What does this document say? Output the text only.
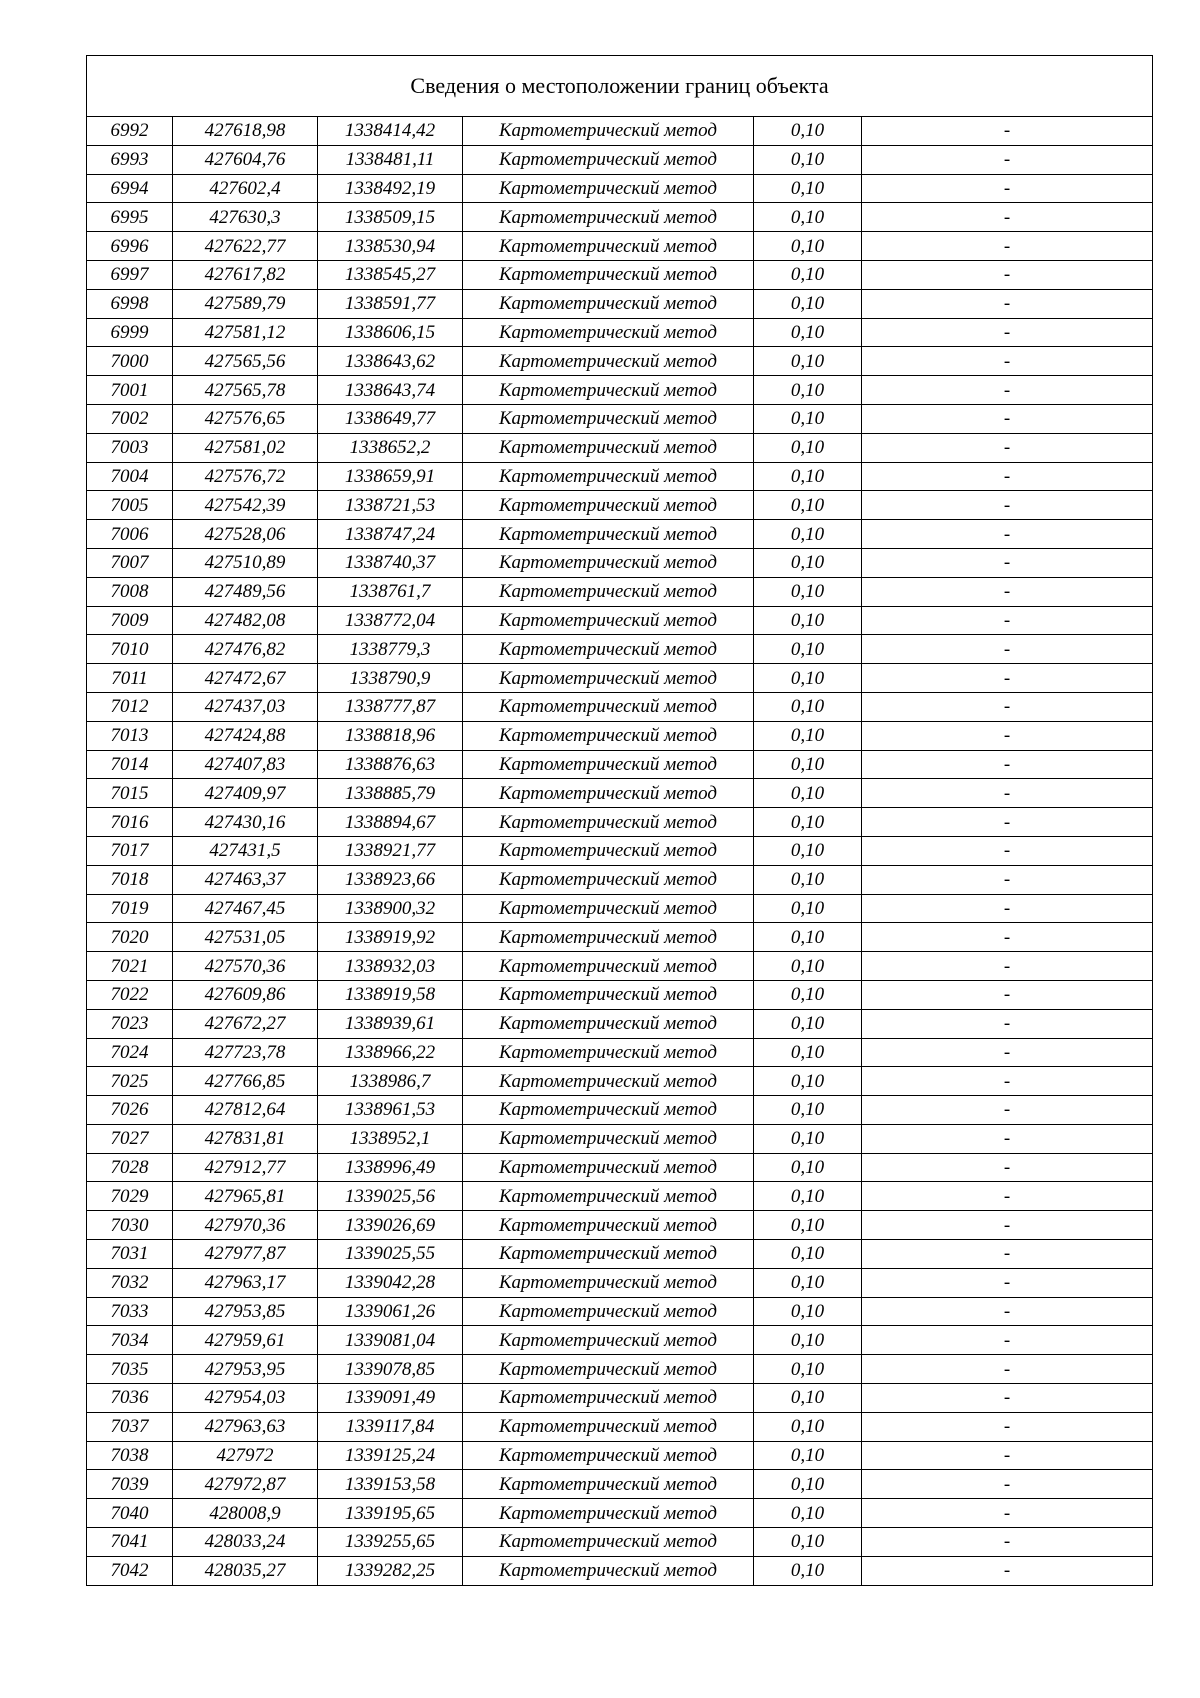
Сведения о местоположении границ объекта					
6992	427618,98	1338414,42	Картометрический метод	0,10	-
6993	427604,76	1338481,11	Картометрический метод	0,10	-
6994	427602,4	1338492,19	Картометрический метод	0,10	-
6995	427630,3	1338509,15	Картометрический метод	0,10	-
6996	427622,77	1338530,94	Картометрический метод	0,10	-
6997	427617,82	1338545,27	Картометрический метод	0,10	-
6998	427589,79	1338591,77	Картометрический метод	0,10	-
6999	427581,12	1338606,15	Картометрический метод	0,10	-
7000	427565,56	1338643,62	Картометрический метод	0,10	-
7001	427565,78	1338643,74	Картометрический метод	0,10	-
7002	427576,65	1338649,77	Картометрический метод	0,10	-
7003	427581,02	1338652,2	Картометрический метод	0,10	-
7004	427576,72	1338659,91	Картометрический метод	0,10	-
7005	427542,39	1338721,53	Картометрический метод	0,10	-
7006	427528,06	1338747,24	Картометрический метод	0,10	-
7007	427510,89	1338740,37	Картометрический метод	0,10	-
7008	427489,56	1338761,7	Картометрический метод	0,10	-
7009	427482,08	1338772,04	Картометрический метод	0,10	-
7010	427476,82	1338779,3	Картометрический метод	0,10	-
7011	427472,67	1338790,9	Картометрический метод	0,10	-
7012	427437,03	1338777,87	Картометрический метод	0,10	-
7013	427424,88	1338818,96	Картометрический метод	0,10	-
7014	427407,83	1338876,63	Картометрический метод	0,10	-
7015	427409,97	1338885,79	Картометрический метод	0,10	-
7016	427430,16	1338894,67	Картометрический метод	0,10	-
7017	427431,5	1338921,77	Картометрический метод	0,10	-
7018	427463,37	1338923,66	Картометрический метод	0,10	-
7019	427467,45	1338900,32	Картометрический метод	0,10	-
7020	427531,05	1338919,92	Картометрический метод	0,10	-
7021	427570,36	1338932,03	Картометрический метод	0,10	-
7022	427609,86	1338919,58	Картометрический метод	0,10	-
7023	427672,27	1338939,61	Картометрический метод	0,10	-
7024	427723,78	1338966,22	Картометрический метод	0,10	-
7025	427766,85	1338986,7	Картометрический метод	0,10	-
7026	427812,64	1338961,53	Картометрический метод	0,10	-
7027	427831,81	1338952,1	Картометрический метод	0,10	-
7028	427912,77	1338996,49	Картометрический метод	0,10	-
7029	427965,81	1339025,56	Картометрический метод	0,10	-
7030	427970,36	1339026,69	Картометрический метод	0,10	-
7031	427977,87	1339025,55	Картометрический метод	0,10	-
7032	427963,17	1339042,28	Картометрический метод	0,10	-
7033	427953,85	1339061,26	Картометрический метод	0,10	-
7034	427959,61	1339081,04	Картометрический метод	0,10	-
7035	427953,95	1339078,85	Картометрический метод	0,10	-
7036	427954,03	1339091,49	Картометрический метод	0,10	-
7037	427963,63	1339117,84	Картометрический метод	0,10	-
7038	427972	1339125,24	Картометрический метод	0,10	-
7039	427972,87	1339153,58	Картометрический метод	0,10	-
7040	428008,9	1339195,65	Картометрический метод	0,10	-
7041	428033,24	1339255,65	Картометрический метод	0,10	-
7042	428035,27	1339282,25	Картометрический метод	0,10	-
